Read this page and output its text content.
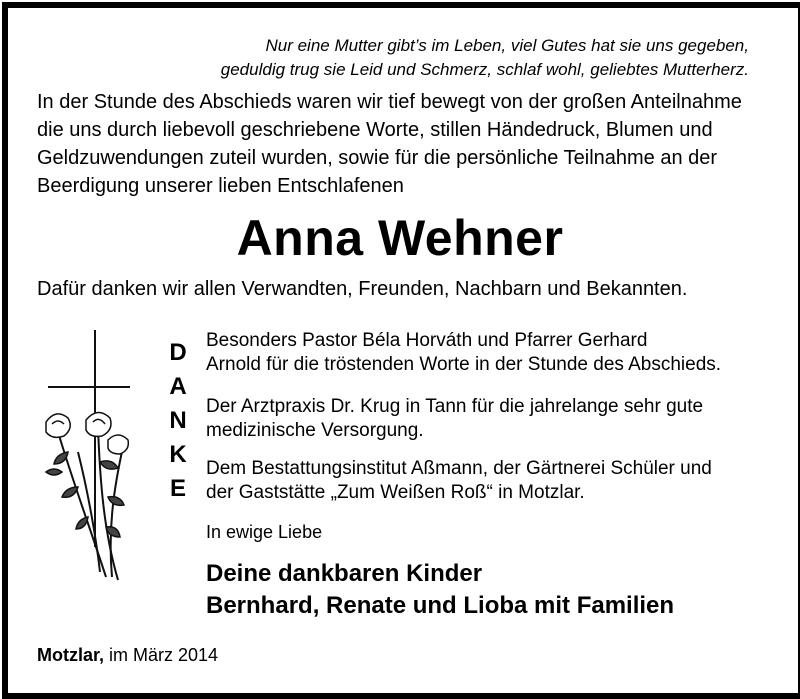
Nur eine Mutter gibt’s im Leben, viel Gutes hat sie uns gegeben,
geduldig trug sie Leid und Schmerz, schlaf wohl, geliebtes Mutterherz.
In der Stunde des Abschieds waren wir tief bewegt von der großen Anteilnahme
die uns durch liebevoll geschriebene Worte, stillen Händedruck, Blumen und
Geldzuwendungen zuteil wurden, sowie für die persönliche Teilnahme an der
Beerdigung unserer lieben Entschlafenen
Anna Wehner
Dafür danken wir allen Verwandten, Freunden, Nachbarn und Bekannten.
D
A
N
K
E
Besonders Pastor Béla Horváth und Pfarrer Gerhard
Arnold für die tröstenden Worte in der Stunde des Abschieds.
Der Arztpraxis Dr. Krug in Tann für die jahrelange sehr gute
medizinische Versorgung.
Dem Bestattungsinstitut Aßmann, der Gärtnerei Schüler und
der Gaststätte „Zum Weißen Roß“ in Motzlar.
In ewige Liebe
Deine dankbaren Kinder
Bernhard, Renate und Lioba mit Familien
Motzlar, im März 2014
